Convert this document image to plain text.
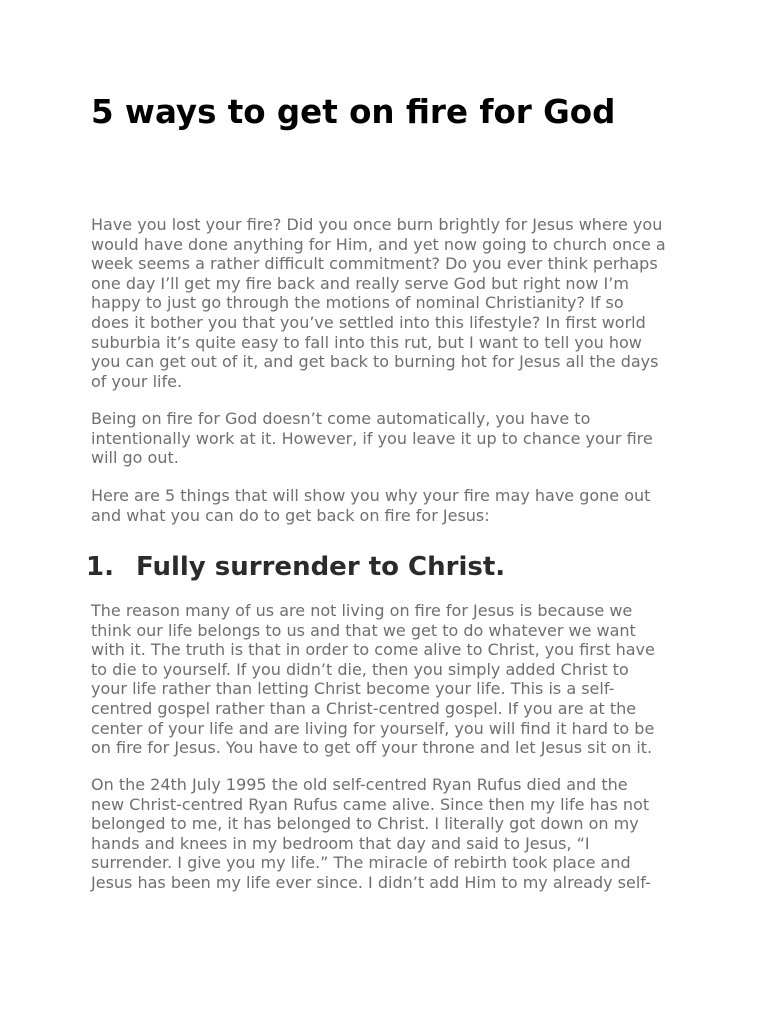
5 ways to get on fire for God

Have you lost your fire? Did you once burn brightly for Jesus where you
would have done anything for Him, and yet now going to church once a
week seems a rather difficult commitment? Do you ever think perhaps
one day I’ll get my fire back and really serve God but right now I’m
happy to just go through the motions of nominal Christianity? If so
does it bother you that you’ve settled into this lifestyle? In first world
suburbia it’s quite easy to fall into this rut, but I want to tell you how
you can get out of it, and get back to burning hot for Jesus all the days
of your life.

Being on fire for God doesn’t come automatically, you have to
intentionally work at it. However, if you leave it up to chance your fire
will go out.

Here are 5 things that will show you why your fire may have gone out
and what you can do to get back on fire for Jesus:

1. Fully surrender to Christ.

The reason many of us are not living on fire for Jesus is because we
think our life belongs to us and that we get to do whatever we want
with it. The truth is that in order to come alive to Christ, you first have
to die to yourself. If you didn’t die, then you simply added Christ to
your life rather than letting Christ become your life. This is a self-
centred gospel rather than a Christ-centred gospel. If you are at the
center of your life and are living for yourself, you will find it hard to be
on fire for Jesus. You have to get off your throne and let Jesus sit on it.

On the 24th July 1995 the old self-centred Ryan Rufus died and the
new Christ-centred Ryan Rufus came alive. Since then my life has not
belonged to me, it has belonged to Christ. I literally got down on my
hands and knees in my bedroom that day and said to Jesus, “I
surrender. I give you my life.” The miracle of rebirth took place and
Jesus has been my life ever since. I didn’t add Him to my already self-
